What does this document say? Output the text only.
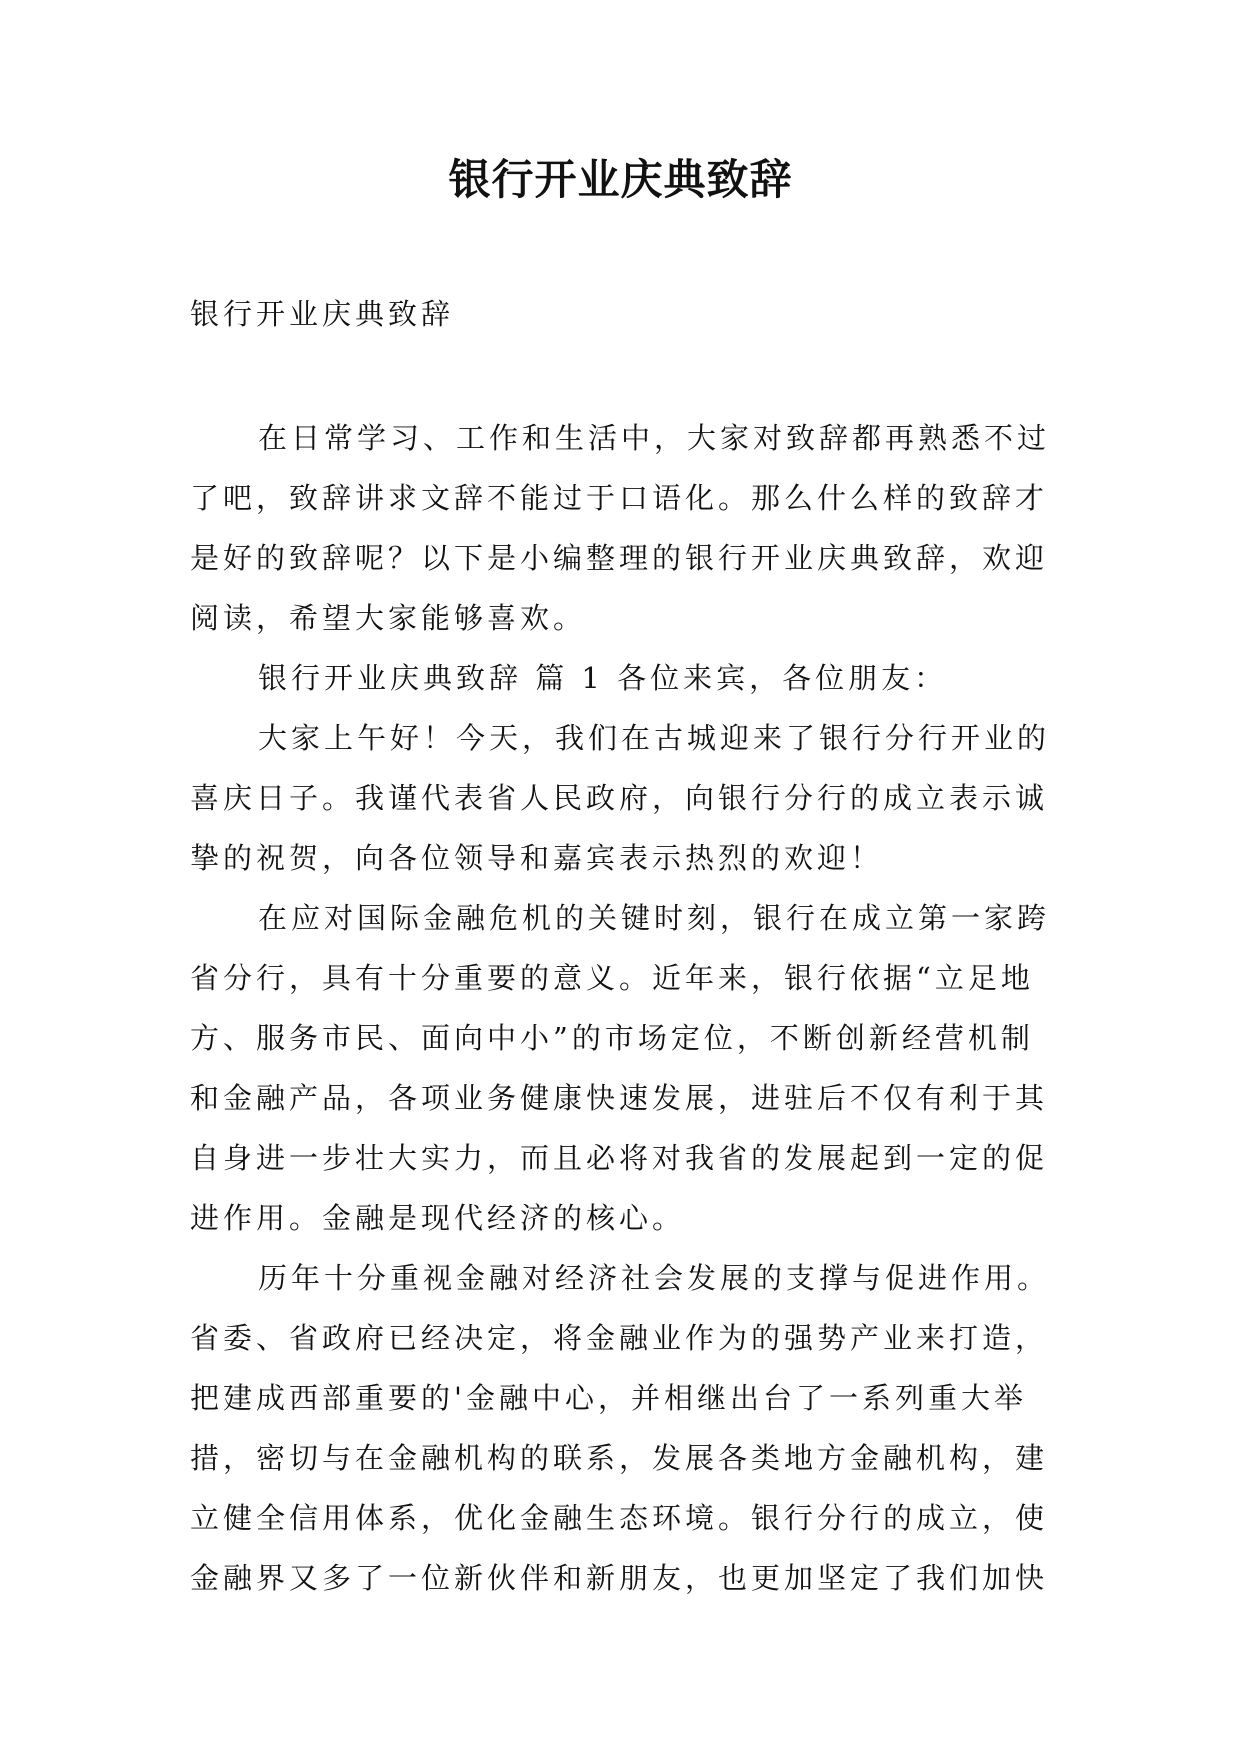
银行开业庆典致辞
银行开业庆典致辞
在日常学习、工作和生活中，大家对致辞都再熟悉不过
了吧，致辞讲求文辞不能过于口语化。那么什么样的致辞才
是好的致辞呢？以下是小编整理的银行开业庆典致辞，欢迎
阅读，希望大家能够喜欢。
银行开业庆典致辞 篇 1 各位来宾，各位朋友：
大家上午好！今天，我们在古城迎来了银行分行开业的
喜庆日子。我谨代表省人民政府，向银行分行的成立表示诚
挚的祝贺，向各位领导和嘉宾表示热烈的欢迎！
在应对国际金融危机的关键时刻，银行在成立第一家跨
省分行，具有十分重要的意义。近年来，银行依据“立足地
方、服务市民、面向中小”的市场定位，不断创新经营机制
和金融产品，各项业务健康快速发展，进驻后不仅有利于其
自身进一步壮大实力，而且必将对我省的发展起到一定的促
进作用。金融是现代经济的核心。
历年十分重视金融对经济社会发展的支撑与促进作用。
省委、省政府已经决定，将金融业作为的强势产业来打造，
把建成西部重要的'金融中心，并相继出台了一系列重大举
措，密切与在金融机构的联系，发展各类地方金融机构，建
立健全信用体系，优化金融生态环境。银行分行的成立，使
金融界又多了一位新伙伴和新朋友，也更加坚定了我们加快
